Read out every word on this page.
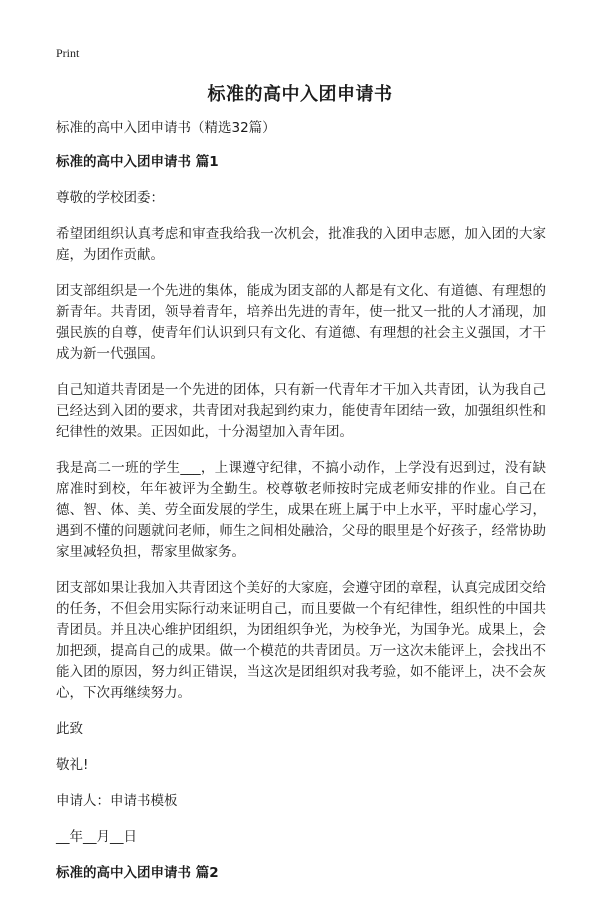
Print
标准的高中入团申请书

标准的高中入团申请书（精选32篇）

标准的高中入团申请书 篇1

尊敬的学校团委：

希望团组织认真考虑和审查我给我一次机会，批准我的入团申志愿，加入团的大家庭，为团作贡献。

团支部组织是一个先进的集体，能成为团支部的人都是有文化、有道德、有理想的新青年。共青团，领导着青年，培养出先进的青年，使一批又一批的人才涌现，加强民族的自尊，使青年们认识到只有文化、有道德、有理想的社会主义强国，才干成为新一代强国。

自己知道共青团是一个先进的团体，只有新一代青年才干加入共青团，认为我自己已经达到入团的要求，共青团对我起到约束力，能使青年团结一致，加强组织性和纪律性的效果。正因如此，十分渴望加入青年团。

我是高二一班的学生___，上课遵守纪律，不搞小动作，上学没有迟到过，没有缺席准时到校，年年被评为全勤生。校尊敬老师按时完成老师安排的作业。自己在德、智、体、美、劳全面发展的学生，成果在班上属于中上水平，平时虚心学习，遇到不懂的问题就问老师，师生之间相处融洽，父母的眼里是个好孩子，经常协助家里减轻负担，帮家里做家务。

团支部如果让我加入共青团这个美好的大家庭，会遵守团的章程，认真完成团交给的任务，不但会用实际行动来证明自己，而且要做一个有纪律性，组织性的中国共青团员。并且决心维护团组织，为团组织争光，为校争光，为国争光。成果上，会加把颈，提高自己的成果。做一个模范的共青团员。万一这次未能评上，会找出不能入团的原因，努力纠正错误，当这次是团组织对我考验，如不能评上，决不会灰心，下次再继续努力。

此致

敬礼!

申请人：申请书模板

__年__月__日

标准的高中入团申请书 篇2
